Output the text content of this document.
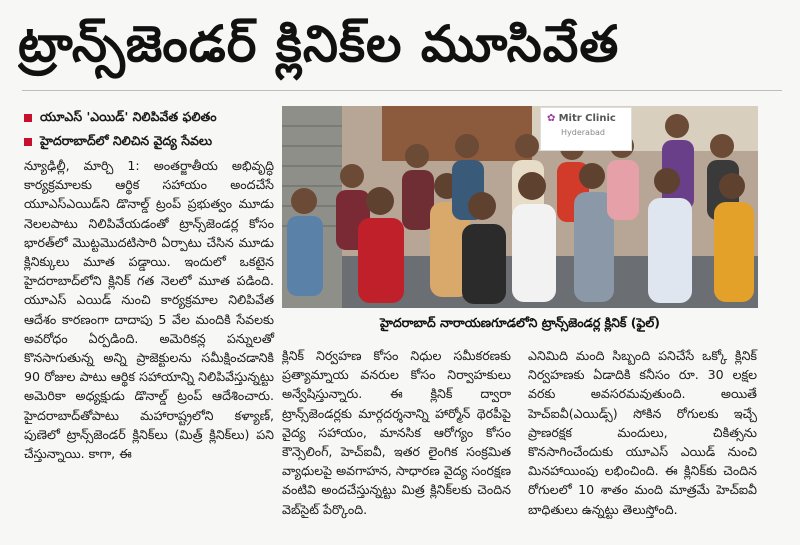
ట్రాన్స్‌జెండర్ క్లినిక్‌ల మూసివేత
యూఎస్ 'ఎయిడ్' నిలిపివేత ఫలితం
హైదరాబాద్‌లో నిలిచిన వైద్య సేవలు

న్యూఢిల్లీ, మార్చి 1: అంతర్జాతీయ అభివృద్ధి కార్యక్రమాలకు ఆర్థిక సహాయం అందచేసే యూఎస్‌ఎయిడ్‌ని డొనాల్డ్ ట్రంప్ ప్రభుత్వం మూడు నెలలపాటు నిలిపివేయడంతో ట్రాన్స్‌జెండర్ల కోసం భారత్‌లో మొట్టమొదటిసారి ఏర్పాటు చేసిన మూడు క్లినిక్కులు మూత పడ్డాయి. ఇందులో ఒకటైన హైదరాబాద్‌లోని క్లినిక్ గత నెలలో మూత పడింది. యూఎస్ ఎయిడ్ నుంచి కార్యక్రమాల నిలిపివేత ఆదేశం కారణంగా దాదాపు 5 వేల మందికి సేవలకు అవరోధం ఏర్పడింది. అమెరికన్ల పన్నులతో కొనసాగుతున్న అన్ని ప్రాజెక్టులను సమీక్షించడానికి 90 రోజుల పాటు ఆర్థిక సహాయాన్ని నిలిపివేస్తున్నట్టు అమెరికా అధ్యక్షుడు డొనాల్డ్ ట్రంప్ ఆదేశించారు. హైదరాబాద్‌తోపాటు మహారాష్ట్రలోని కళ్యాణ్, పుణెలో ట్రాన్స్‌జెండర్ క్లినిక్‌లు (మిత్ర్ క్లినిక్‌లు) పని చేస్తున్నాయి. కాగా, ఈ

✿ Mitr Clinic
Hyderabad
హైదరాబాద్ నారాయణగూడలోని ట్రాన్స్‌జెండర్ల క్లినిక్ (ఫైల్)

క్లినిక్ నిర్వహణ కోసం నిధుల సమీకరణకు ప్రత్యామ్నాయ వనరుల కోసం నిర్వాహకులు అన్వేషిస్తున్నారు. ఈ క్లినిక్ ద్వారా ట్రాన్స్‌జెండర్లకు మార్గదర్శనాన్ని హార్మోన్ థెరపీపై వైద్య సహాయం, మానసిక ఆరోగ్యం కోసం కౌన్సెలింగ్, హెచ్‌ఐవీ, ఇతర లైంగిక సంక్రమిత వ్యాధులపై అవగాహన, సాధారణ వైద్య సంరక్షణ వంటివి అందచేస్తున్నట్టు మిత్ర క్లినిక్‌లకు చెందిన వెబ్‌సైట్ పేర్కొంది.

ఎనిమిది మంది సిబ్బంది పనిచేసే ఒక్కో క్లినిక్ నిర్వహణకు ఏడాదికి కనీసం రూ. 30 లక్షల వరకు అవసరమవుతుంది. అయితే హెచ్ఐవీ(ఎయిడ్స్) సోకిన రోగులకు ఇచ్చే ప్రాణరక్షక మందులు, చికిత్సను కొనసాగించేందుకు యూఎస్ ఎయిడ్ నుంచి మినహాయింపు లభించింది. ఈ క్లినిక్‌కు చెందిన రోగులలో 10 శాతం మంది మాత్రమే హెచ్ఐవీ బాధితులు ఉన్నట్టు తెలుస్తోంది.
